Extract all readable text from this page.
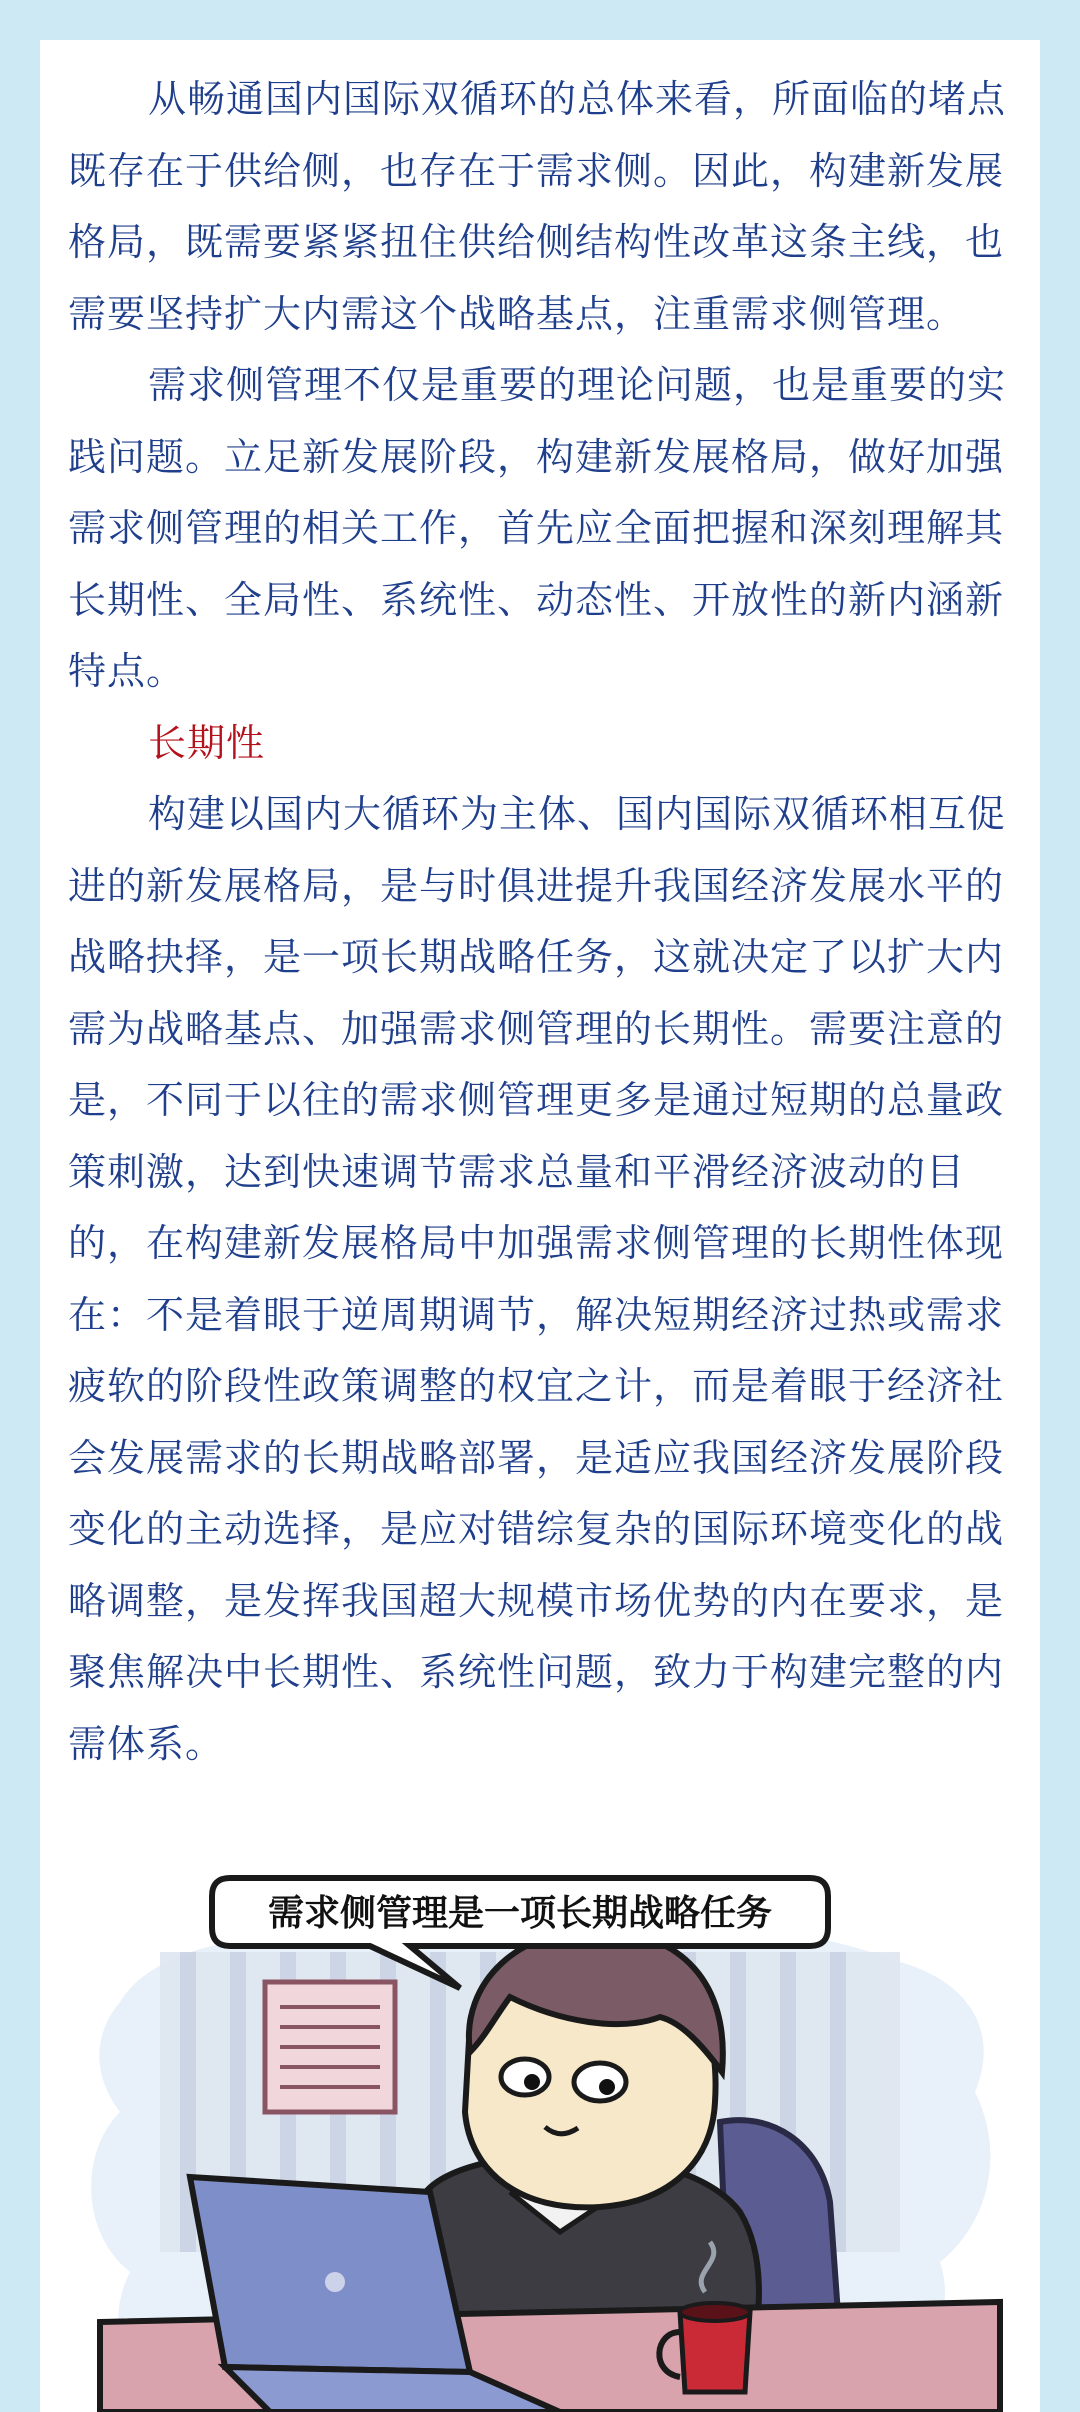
从畅通国内国际双循环的总体来看，所面临的堵点既存在于供给侧，也存在于需求侧。因此，构建新发展格局，既需要紧紧扭住供给侧结构性改革这条主线，也需要坚持扩大内需这个战略基点，注重需求侧管理。

需求侧管理不仅是重要的理论问题，也是重要的实践问题。立足新发展阶段，构建新发展格局，做好加强需求侧管理的相关工作，首先应全面把握和深刻理解其长期性、全局性、系统性、动态性、开放性的新内涵新特点。

长期性

构建以国内大循环为主体、国内国际双循环相互促进的新发展格局，是与时俱进提升我国经济发展水平的战略抉择，是一项长期战略任务，这就决定了以扩大内需为战略基点、加强需求侧管理的长期性。需要注意的是，不同于以往的需求侧管理更多是通过短期的总量政策刺激，达到快速调节需求总量和平滑经济波动的目的，在构建新发展格局中加强需求侧管理的长期性体现在：不是着眼于逆周期调节，解决短期经济过热或需求疲软的阶段性政策调整的权宜之计，而是着眼于经济社会发展需求的长期战略部署，是适应我国经济发展阶段变化的主动选择，是应对错综复杂的国际环境变化的战略调整，是发挥我国超大规模市场优势的内在要求，是聚焦解决中长期性、系统性问题，致力于构建完整的内需体系。

需求侧管理是一项长期战略任务
